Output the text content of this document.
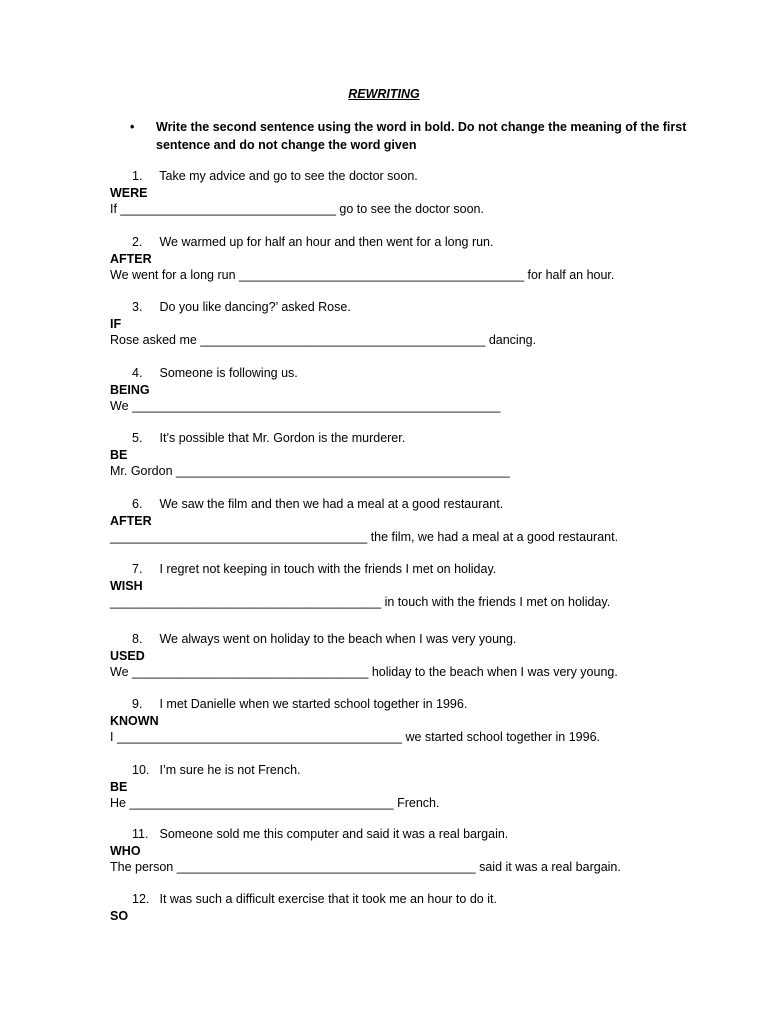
REWRITING
•	Write the second sentence using the word in bold. Do not change the meaning of the first sentence and do not change the word given
1. Take my advice and go to see the doctor soon.
WERE
If _______________________________ go to see the doctor soon.
2. We warmed up for half an hour and then went for a long run.
AFTER
We went for a long run _________________________________________ for half an hour.
3. Do you like dancing?’ asked Rose.
IF
Rose asked me _________________________________________ dancing.
4. Someone is following us.
BEING
We _____________________________________________________
5. It’s possible that Mr. Gordon is the murderer.
BE
Mr. Gordon ________________________________________________
6. We saw the film and then we had a meal at a good restaurant.
AFTER
_____________________________________ the film, we had a meal at a good restaurant.
7. I regret not keeping in touch with the friends I met on holiday.
WISH
_______________________________________ in touch with the friends I met on holiday.
8. We always went on holiday to the beach when I was very young.
USED
We __________________________________ holiday to the beach when I was very young.
9. I met Danielle when we started school together in 1996.
KNOWN
I _________________________________________ we started school together in 1996.
10. I’m sure he is not French.
BE
He ______________________________________ French.
11. Someone sold me this computer and said it was a real bargain.
WHO
The person ___________________________________________ said it was a real bargain.
12. It was such a difficult exercise that it took me an hour to do it.
SO
